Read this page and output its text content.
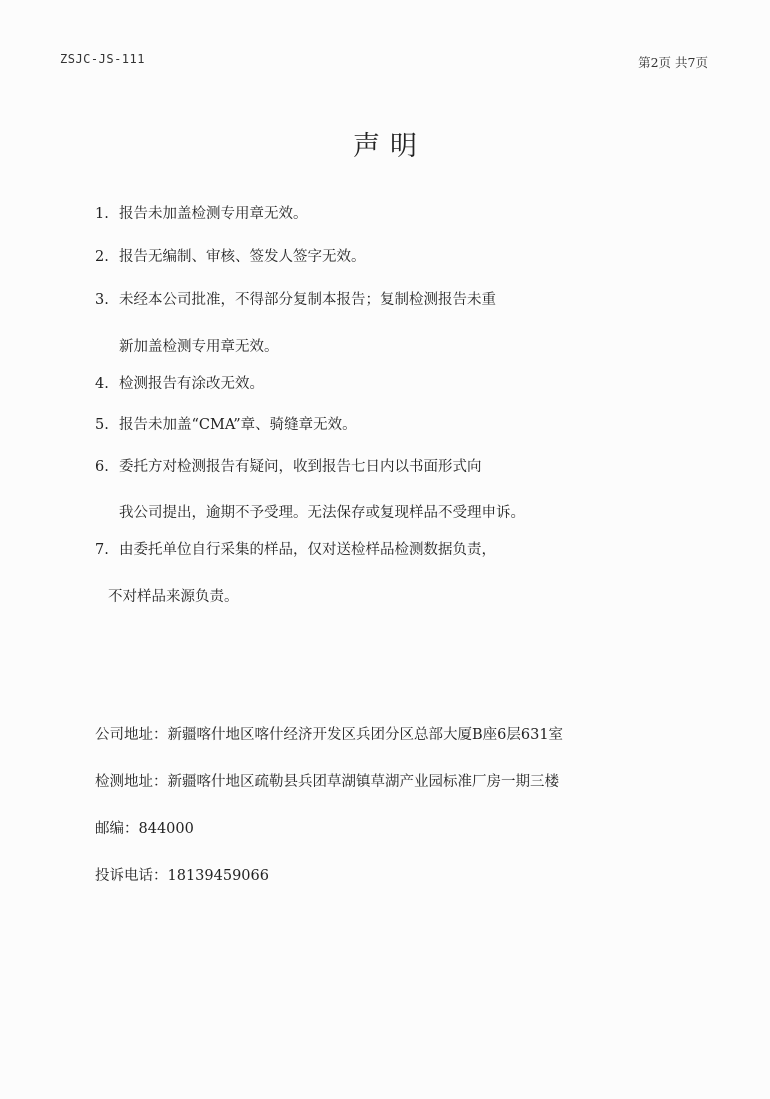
ZSJC-JS-111	第2页 共7页
声明
1. 报告未加盖检测专用章无效。
2. 报告无编制、审核、签发人签字无效。
3. 未经本公司批准，不得部分复制本报告；复制检测报告未重
新加盖检测专用章无效。
4. 检测报告有涂改无效。
5. 报告未加盖“CMA”章、骑缝章无效。
6. 委托方对检测报告有疑问，收到报告七日内以书面形式向
我公司提出，逾期不予受理。无法保存或复现样品不受理申诉。
7. 由委托单位自行采集的样品，仅对送检样品检测数据负责，
不对样品来源负责。
公司地址：新疆喀什地区喀什经济开发区兵团分区总部大厦B座6层631室
检测地址：新疆喀什地区疏勒县兵团草湖镇草湖产业园标准厂房一期三楼
邮编：844000
投诉电话：18139459066
